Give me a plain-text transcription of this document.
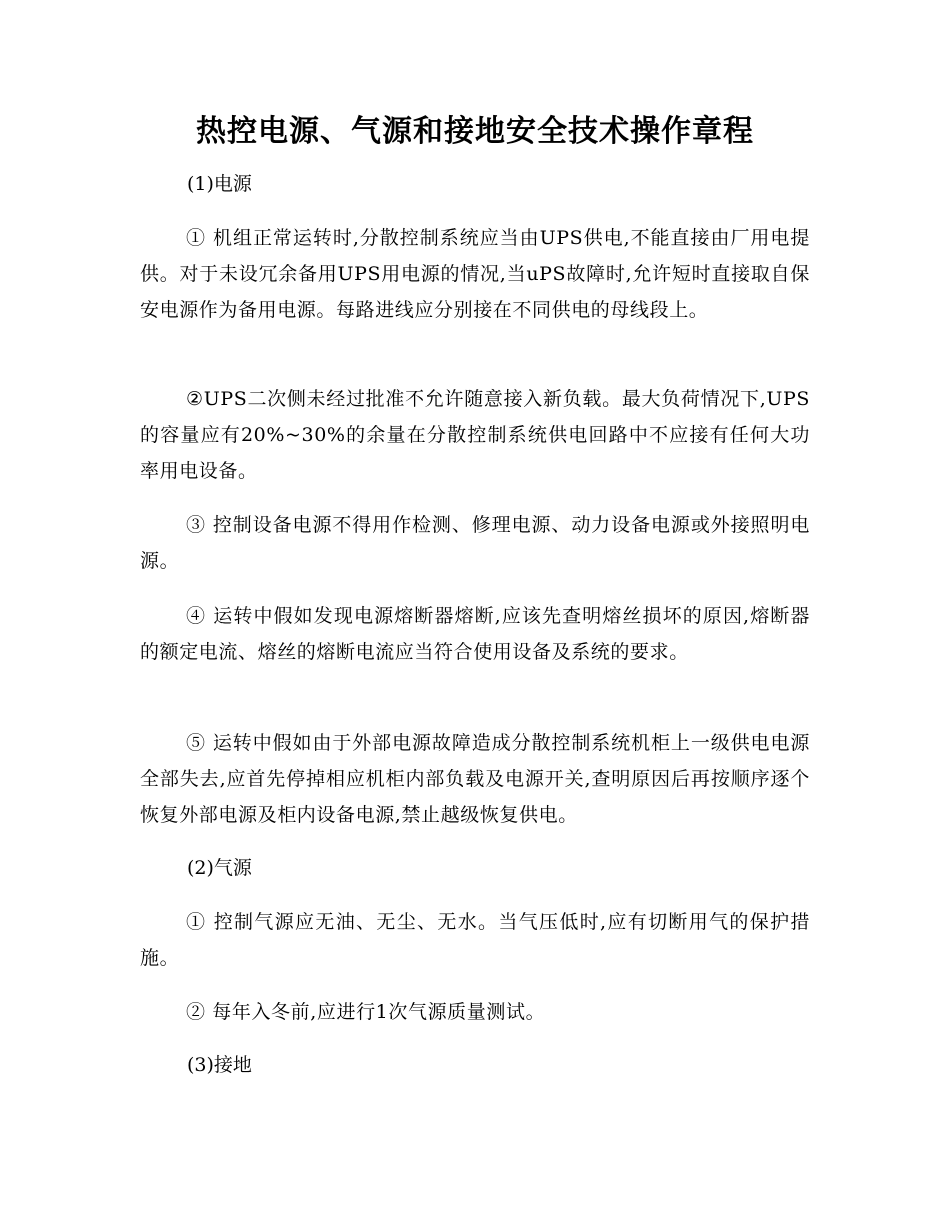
热控电源、气源和接地安全技术操作章程
(1)电源
① 机组正常运转时,分散控制系统应当由UPS供电,不能直接由厂用电提供。对于未设冗余备用UPS用电源的情况,当uPS故障时,允许短时直接取自保安电源作为备用电源。每路进线应分别接在不同供电的母线段上。
②UPS二次侧未经过批准不允许随意接入新负载。最大负荷情况下,UPS的容量应有20%~30%的余量在分散控制系统供电回路中不应接有任何大功率用电设备。
③ 控制设备电源不得用作检测、修理电源、动力设备电源或外接照明电源。
④ 运转中假如发现电源熔断器熔断,应该先查明熔丝损坏的原因,熔断器的额定电流、熔丝的熔断电流应当符合使用设备及系统的要求。
⑤ 运转中假如由于外部电源故障造成分散控制系统机柜上一级供电电源全部失去,应首先停掉相应机柜内部负载及电源开关,查明原因后再按顺序逐个恢复外部电源及柜内设备电源,禁止越级恢复供电。
(2)气源
① 控制气源应无油、无尘、无水。当气压低时,应有切断用气的保护措施。
② 每年入冬前,应进行1次气源质量测试。
(3)接地
